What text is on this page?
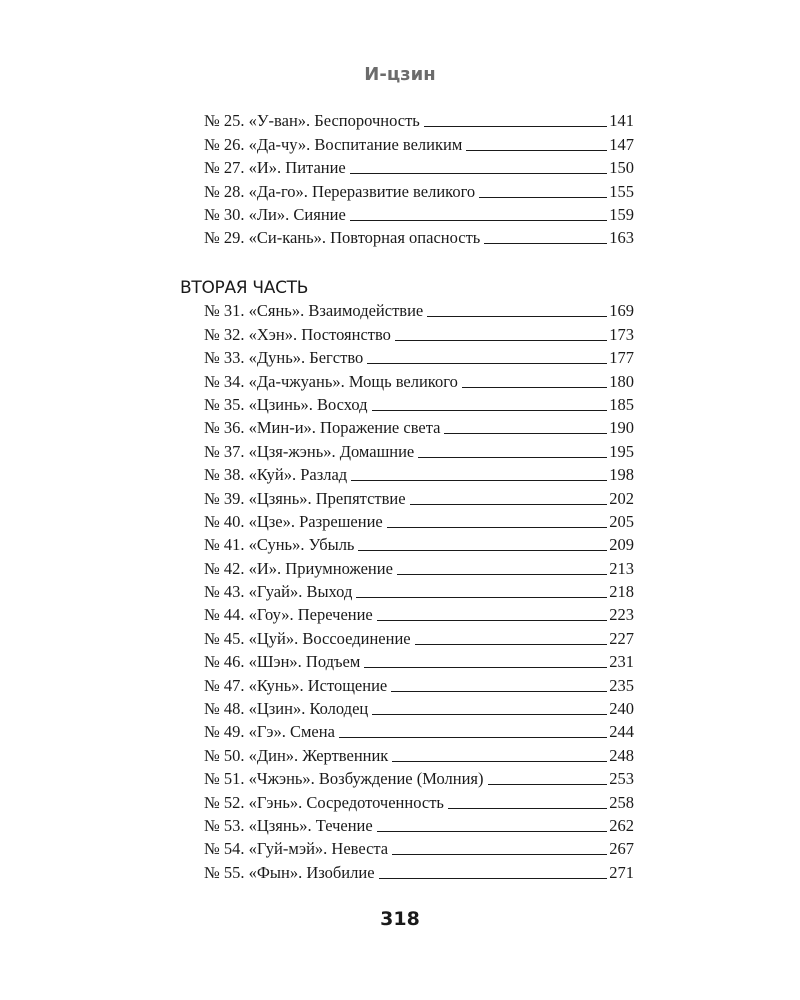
И-цзин
№ 25. «У-ван». Беспорочность	141
№ 26. «Да-чу». Воспитание великим	147
№ 27. «И». Питание	150
№ 28. «Да-го». Переразвитие великого	155
№ 30. «Ли». Сияние	159
№ 29. «Си-кань». Повторная опасность	163
ВТОРАЯ ЧАСТЬ
№ 31. «Сянь». Взаимодействие	169
№ 32. «Хэн». Постоянство	173
№ 33. «Дунь». Бегство	177
№ 34. «Да-чжуань». Мощь великого	180
№ 35. «Цзинь». Восход	185
№ 36. «Мин-и». Поражение света	190
№ 37. «Цзя-жэнь». Домашние	195
№ 38. «Куй». Разлад	198
№ 39. «Цзянь». Препятствие	202
№ 40. «Цзе». Разрешение	205
№ 41. «Сунь». Убыль	209
№ 42. «И». Приумножение	213
№ 43. «Гуай». Выход	218
№ 44. «Гоу». Перечение	223
№ 45. «Цуй». Воссоединение	227
№ 46. «Шэн». Подъем	231
№ 47. «Кунь». Истощение	235
№ 48. «Цзин». Колодец	240
№ 49. «Гэ». Смена	244
№ 50. «Дин». Жертвенник	248
№ 51. «Чжэнь». Возбуждение (Молния)	253
№ 52. «Гэнь». Сосредоточенность	258
№ 53. «Цзянь». Течение	262
№ 54. «Гуй-мэй». Невеста	267
№ 55. «Фын». Изобилие	271
318
